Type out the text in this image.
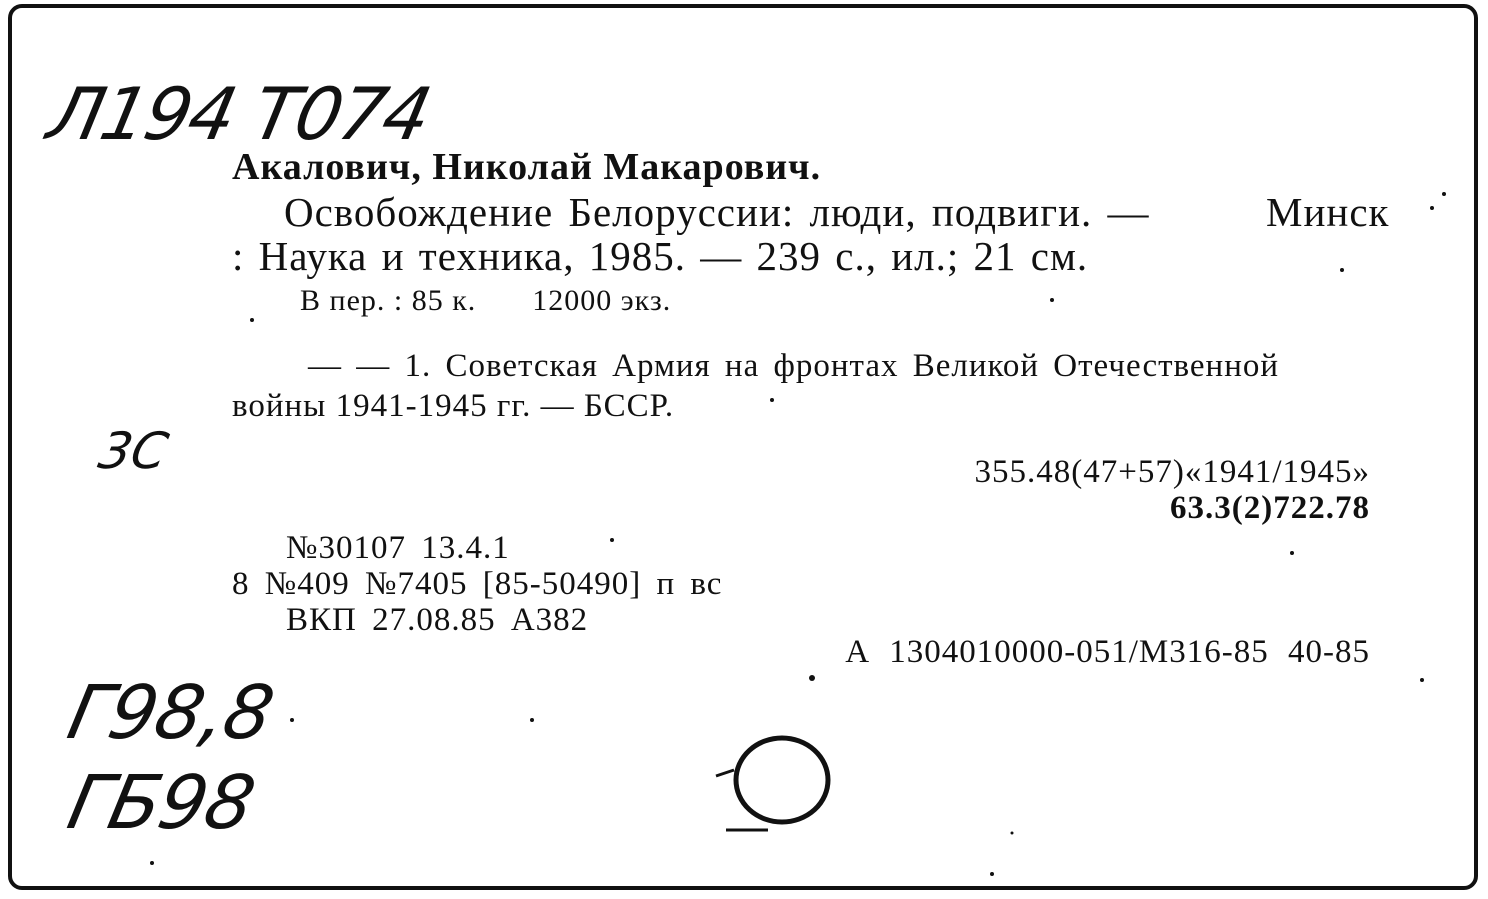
Л194 Т074
Акалович, Николай Макарович.
Освобождение Белоруссии: люди, подвиги. —	Минск
: Наука и техника, 1985. — 239 с., ил.; 21 см.
В пер. : 85 к. 12000 экз.
— — 1. Советская Армия на фронтах Великой Отечественной
войны 1941-1945 гг. — БССР.
3С	355.48(47+57)«1941/1945»
63.3(2)722.78
№30107 13.4.1
8 №409 №7405 [85-50490] п вс
ВКП 27.08.85 А382
А 1304010000-051/М316-85 40-85
Г98,8
ГБ98
